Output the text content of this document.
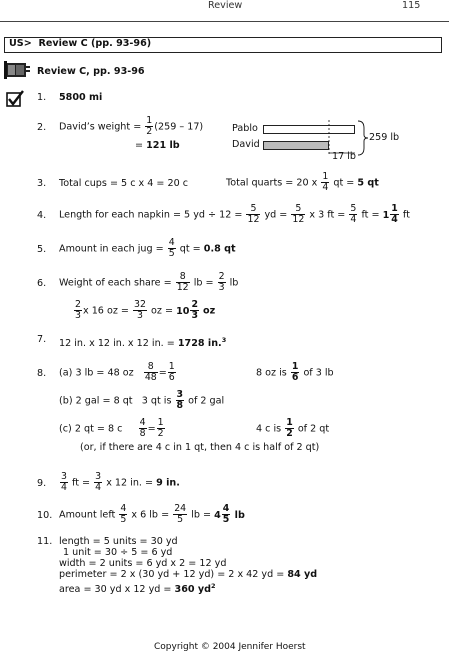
Review	115
US> Review C (pp. 93-96)
Review C, pp. 93-96
1. 5800 mi
2. David’s weight = $\frac{1}{2} (259 - 17)$
= 121 lb
Pablo
David
259 lb
17 lb
3. Total cups = 5 c x 4 = 20 c	Total quarts = 20 x $\frac{1}{4}$ qt = 5 qt
4. Length for each napkin = 5 yd ÷ $12 = \frac{5}{12}$ yd = $\frac{5}{12}$ x 3 ft = $\frac{5}{4}$ ft = $1 \frac{1}{4}$ ft
5. Amount in each jug = $\frac{4}{5}$ qt = 0.8 qt
6. Weight of each share = $\frac{8}{12}$ lb = $\frac{2}{3}$ lb
$\frac{2}{3}$ x 16 oz = $\frac{32}{3}$ oz = $10 \frac{2}{3}$ oz
7. 12 in. x 12 in. x 12 in. = 1728 in.$^3$
8. (a) 3 lb = 48 oz $\frac{8}{48} = \frac{1}{6}$	8 oz is $\frac{1}{6}$ of 3 lb
(b) 2 gal = 8 qt 3 qt is $\frac{3}{8}$ of 2 gal
(c) 2 qt = 8 c $\frac{4}{8} = \frac{1}{2}$	4 c is $\frac{1}{2}$ of 2 qt
(or, if there are 4 c in 1 qt, then 4 c is half of 2 qt)
9. $\frac{3}{4}$ ft = $\frac{3}{4}$ x 12 in. = 9 in.
10. Amount left $\frac{4}{5}$ x 6 lb = $\frac{24}{5}$ lb = $4 \frac{4}{5}$ lb
11. length = 5 units = 30 yd
1 unit = 30 ÷ 5 = 6 yd
width = 2 units = 6 yd x 2 = 12 yd
perimeter = 2 x (30 yd + 12 yd) = 2 x 42 yd = 84 yd
area = 30 yd x 12 yd = 360 $yd^2$
Copyright © 2004 Jennifer Hoerst
